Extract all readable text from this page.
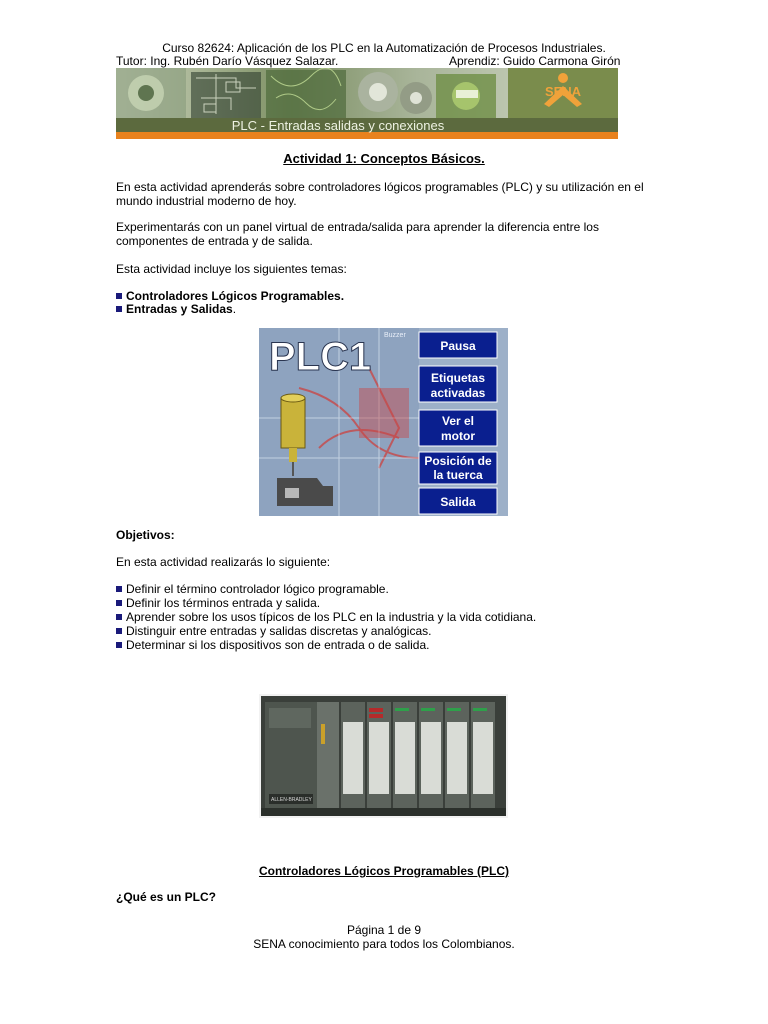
Curso 82624: Aplicación de los PLC en la Automatización de Procesos Industriales.
Tutor: Ing. Rubén Darío Vásquez Salazar.	Aprendiz: Guido Carmona Girón
SENA
PLC - Entradas salidas y conexiones
Actividad 1: Conceptos Básicos.
En esta actividad aprenderás sobre controladores lógicos programables (PLC) y su utilización en el mundo industrial moderno de hoy.
Experimentarás con un panel virtual de entrada/salida para aprender la diferencia entre los componentes de entrada y de salida.
Esta actividad incluye los siguientes temas:
Controladores Lógicos Programables.
Entradas y Salidas.
PLC1 Buzzer
Pausa
Etiquetas
activadas
Ver el
motor
Posición de
la tuerca
Salida
Objetivos:
En esta actividad realizarás lo siguiente:
Definir el término controlador lógico programable.
Definir los términos entrada y salida.
Aprender sobre los usos típicos de los PLC en la industria y la vida cotidiana.
Distinguir entre entradas y salidas discretas y analógicas.
Determinar si los dispositivos son de entrada o de salida.
ALLEN-BRADLEY
Controladores Lógicos Programables (PLC)
¿Qué es un PLC?
Página 1 de 9
SENA conocimiento para todos los Colombianos.
